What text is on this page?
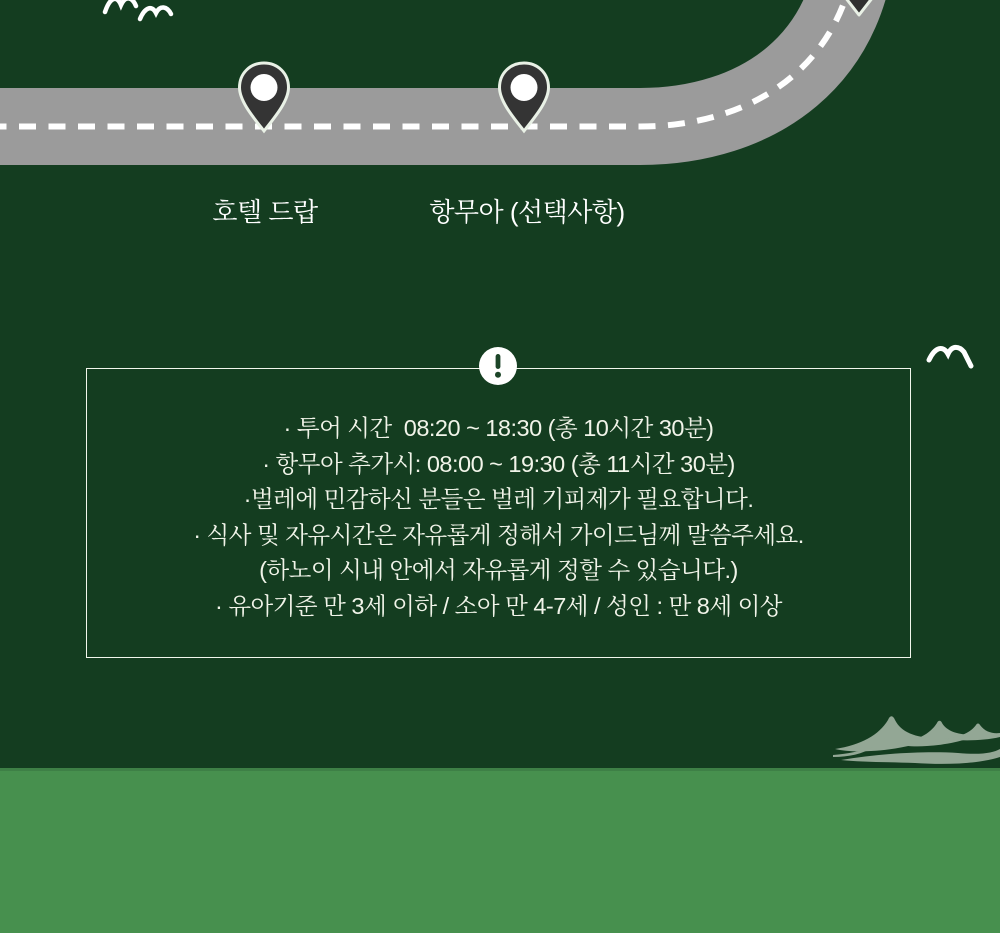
호텔 드랍	항무아 (선택사항)
· 투어 시간  08:20 ~ 18:30 (총 10시간 30분)
· 항무아 추가시: 08:00 ~ 19:30 (총 11시간 30분)
·벌레에 민감하신 분들은 벌레 기피제가 필요합니다.
· 식사 및 자유시간은 자유롭게 정해서 가이드님께 말씀주세요.
(하노이 시내 안에서 자유롭게 정할 수 있습니다.)
· 유아기준 만 3세 이하 / 소아 만 4-7세 / 성인 : 만 8세 이상
